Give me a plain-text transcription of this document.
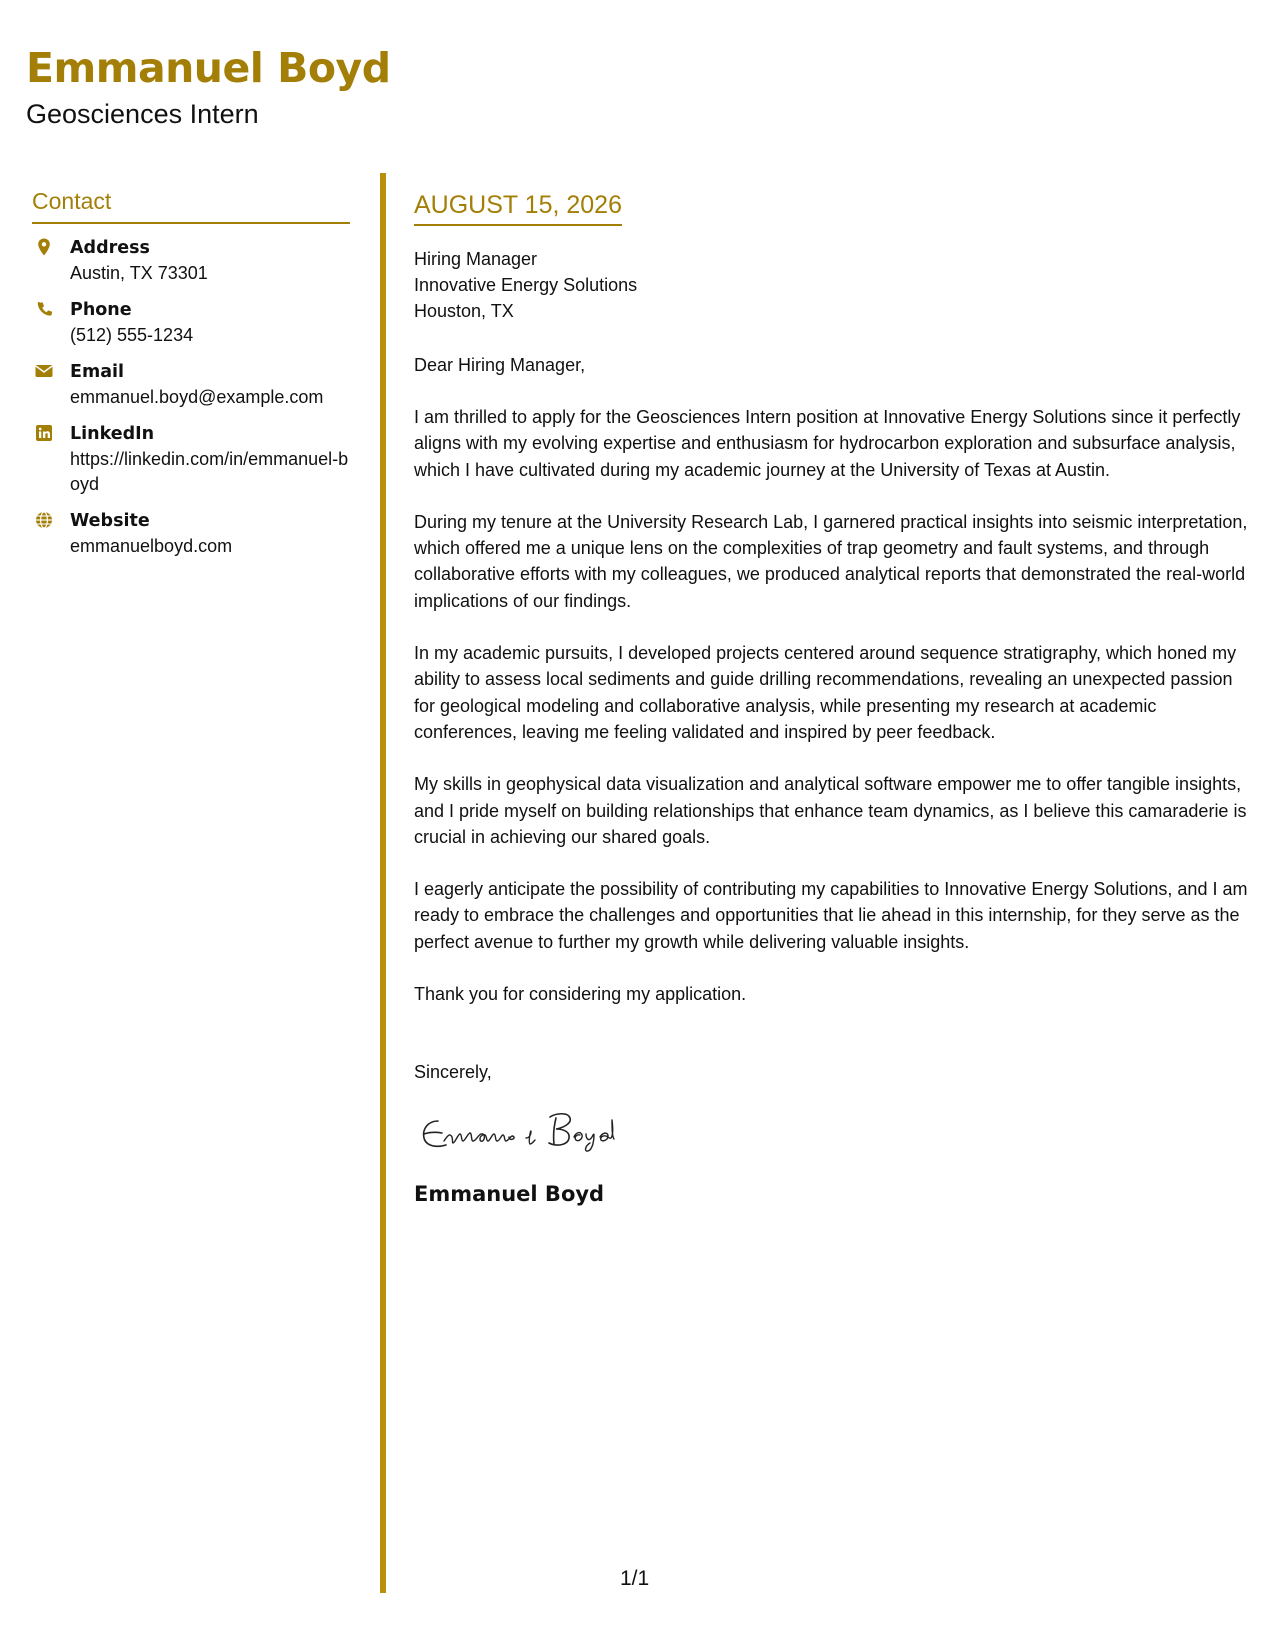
Emmanuel Boyd
Geosciences Intern
Contact
Address
Austin, TX 73301
Phone
(512) 555-1234
Email
emmanuel.boyd@example.com
LinkedIn
https://linkedin.com/in/emmanuel-boyd
Website
emmanuelboyd.com
AUGUST 15, 2026
Hiring Manager
Innovative Energy Solutions
Houston, TX
Dear Hiring Manager,
I am thrilled to apply for the Geosciences Intern position at Innovative Energy Solutions since it perfectly aligns with my evolving expertise and enthusiasm for hydrocarbon exploration and subsurface analysis, which I have cultivated during my academic journey at the University of Texas at Austin.
During my tenure at the University Research Lab, I garnered practical insights into seismic interpretation, which offered me a unique lens on the complexities of trap geometry and fault systems, and through collaborative efforts with my colleagues, we produced analytical reports that demonstrated the real-world implications of our findings.
In my academic pursuits, I developed projects centered around sequence stratigraphy, which honed my ability to assess local sediments and guide drilling recommendations, revealing an unexpected passion for geological modeling and collaborative analysis, while presenting my research at academic conferences, leaving me feeling validated and inspired by peer feedback.
My skills in geophysical data visualization and analytical software empower me to offer tangible insights, and I pride myself on building relationships that enhance team dynamics, as I believe this camaraderie is crucial in achieving our shared goals.
I eagerly anticipate the possibility of contributing my capabilities to Innovative Energy Solutions, and I am ready to embrace the challenges and opportunities that lie ahead in this internship, for they serve as the perfect avenue to further my growth while delivering valuable insights.
Thank you for considering my application.
Sincerely,
Emmanuel Boyd
1/1
